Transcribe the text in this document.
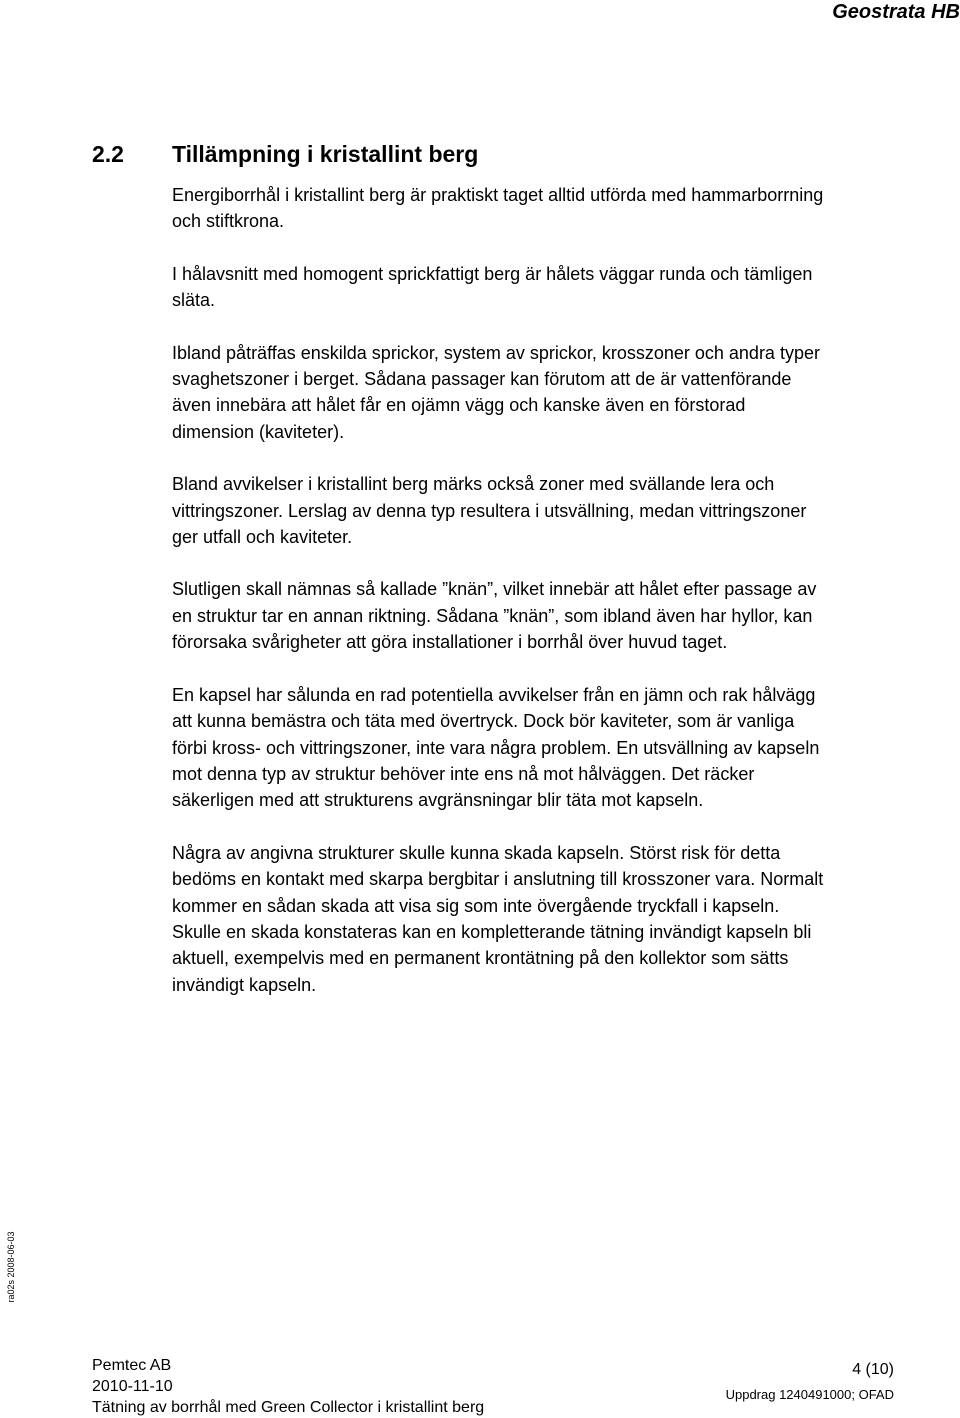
Geostrata HB
2.2 Tillämpning i kristallint berg

Energiborrhål i kristallint berg är praktiskt taget alltid utförda med hammarborrning och stiftkrona.

I hålavsnitt med homogent sprickfattigt berg är hålets väggar runda och tämligen släta.

Ibland påträffas enskilda sprickor, system av sprickor, krosszoner och andra typer svaghetszoner i berget. Sådana passager kan förutom att de är vattenförande även innebära att hålet får en ojämn vägg och kanske även en förstorad dimension (kaviteter).

Bland avvikelser i kristallint berg märks också zoner med svällande lera och vittringszoner. Lerslag av denna typ resultera i utsvällning, medan vittringszoner ger utfall och kaviteter.

Slutligen skall nämnas så kallade ”knän”, vilket innebär att hålet efter passage av en struktur tar en annan riktning. Sådana ”knän”, som ibland även har hyllor, kan förorsaka svårigheter att göra installationer i borrhål över huvud taget.

En kapsel har sålunda en rad potentiella avvikelser från en jämn och rak hålvägg att kunna bemästra och täta med övertryck. Dock bör kaviteter, som är vanliga förbi kross- och vittringszoner, inte vara några problem. En utsvällning av kapseln mot denna typ av struktur behöver inte ens nå mot hålväggen. Det räcker säkerligen med att strukturens avgränsningar blir täta mot kapseln.

Några av angivna strukturer skulle kunna skada kapseln. Störst risk för detta bedöms en kontakt med skarpa bergbitar i anslutning till krosszoner vara. Normalt kommer en sådan skada att visa sig som inte övergående tryckfall i kapseln. Skulle en skada konstateras kan en kompletterande tätning invändigt kapseln bli aktuell, exempelvis med en permanent krontätning på den kollektor som sätts invändigt kapseln.

ra02s 2008-06-03
Pemtec AB
2010-11-10
Tätning av borrhål med Green Collector i kristallint berg
4 (10)
Uppdrag 1240491000; OFAD
